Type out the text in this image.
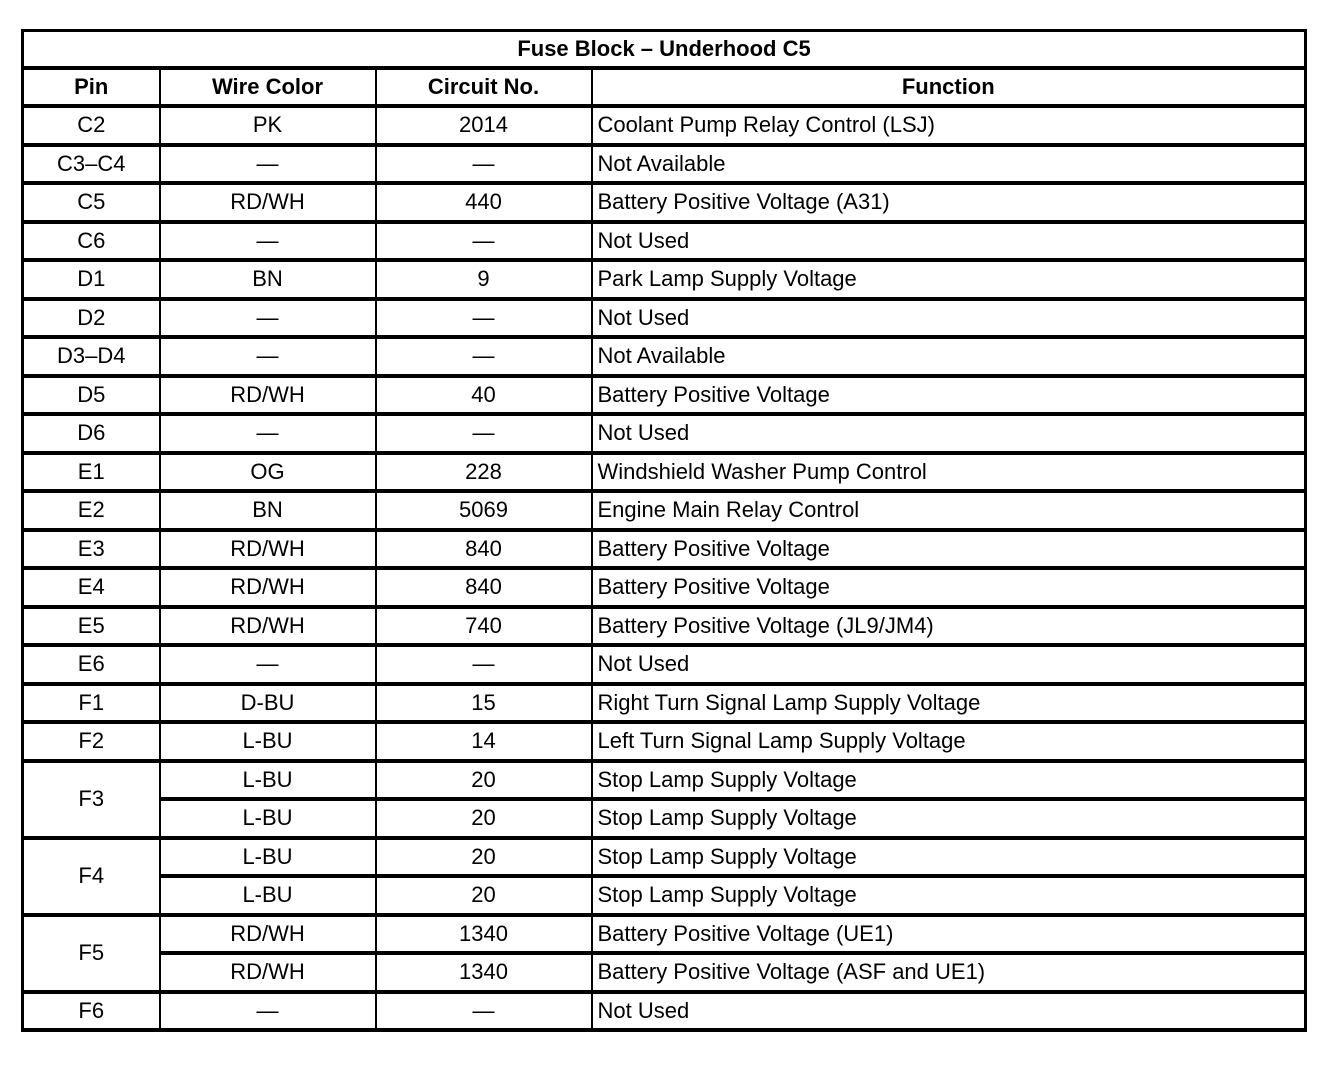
Fuse Block – Underhood C5			
Pin	Wire Color	Circuit No.	Function
C2	PK	2014	Coolant Pump Relay Control (LSJ)
C3–C4	—	—	Not Available
C5	RD/WH	440	Battery Positive Voltage (A31)
C6	—	—	Not Used
D1	BN	9	Park Lamp Supply Voltage
D2	—	—	Not Used
D3–D4	—	—	Not Available
D5	RD/WH	40	Battery Positive Voltage
D6	—	—	Not Used
E1	OG	228	Windshield Washer Pump Control
E2	BN	5069	Engine Main Relay Control
E3	RD/WH	840	Battery Positive Voltage
E4	RD/WH	840	Battery Positive Voltage
E5	RD/WH	740	Battery Positive Voltage (JL9/JM4)
E6	—	—	Not Used
F1	D-BU	15	Right Turn Signal Lamp Supply Voltage
F2	L-BU	14	Left Turn Signal Lamp Supply Voltage
F3	L-BU	20	Stop Lamp Supply Voltage
	L-BU	20	Stop Lamp Supply Voltage
F4	L-BU	20	Stop Lamp Supply Voltage
	L-BU	20	Stop Lamp Supply Voltage
F5	RD/WH	1340	Battery Positive Voltage (UE1)
	RD/WH	1340	Battery Positive Voltage (ASF and UE1)
F6	—	—	Not Used
